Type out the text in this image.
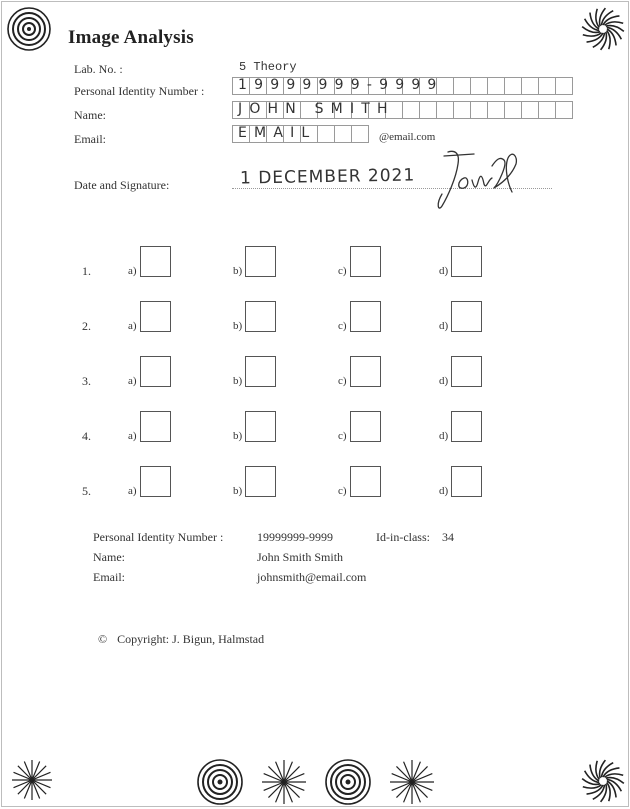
Image Analysis
Lab. No. :	5 Theory
Personal Identity Number : 19999999-9999
Name:	JOHN SMITH
Email:	EMAIL	@email.com
Date and Signature:	1 DECEMBER 2021
1.	a)	b)	c)	d)
2.	a)	b)	c)	d)
3.	a)	b)	c)	d)
4.	a)	b)	c)	d)
5.	a)	b)	c)	d)
Personal Identity Number :	19999999-9999	Id-in-class: 34
Name:	John Smith Smith
Email:	johnsmith@email.com
© Copyright: J. Bigun, Halmstad
